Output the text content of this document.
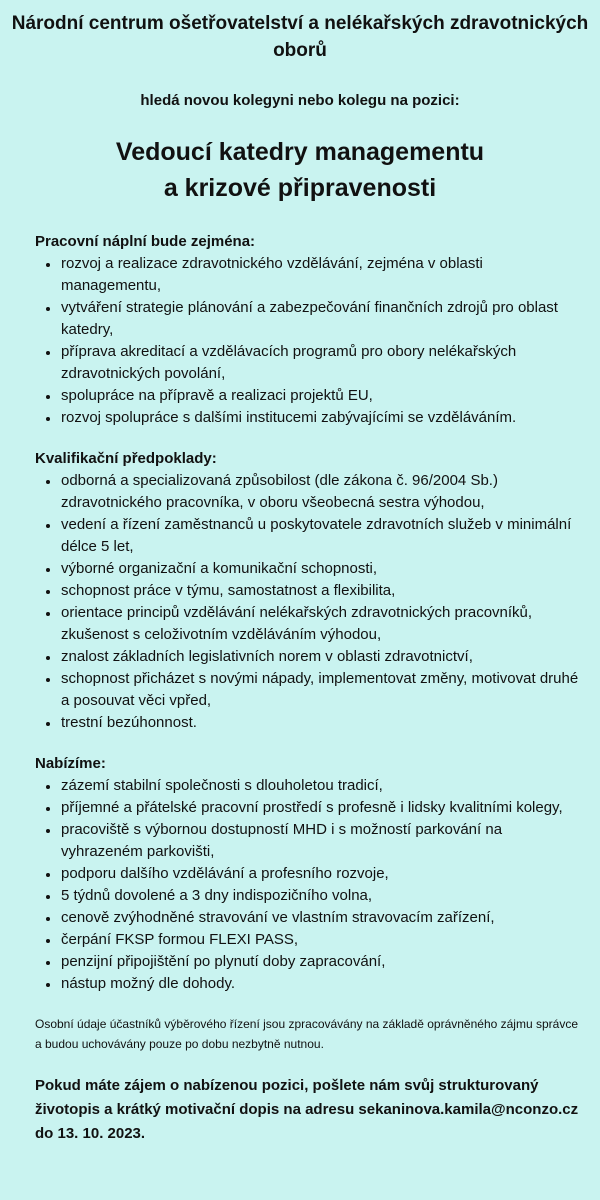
Národní centrum ošetřovatelství a nelékařských zdravotnických oborů
hledá novou kolegyni nebo kolegu na pozici:
Vedoucí katedry managementu
a krizové připravenosti

Pracovní náplní bude zejména:

rozvoj a realizace zdravotnického vzdělávání, zejména v oblasti managementu,
vytváření strategie plánování a zabezpečování finančních zdrojů pro oblast katedry,
příprava akreditací a vzdělávacích programů pro obory nelékařských zdravotnických povolání,
spolupráce na přípravě a realizaci projektů EU,
rozvoj spolupráce s dalšími institucemi zabývajícími se vzděláváním.

Kvalifikační předpoklady:

odborná a specializovaná způsobilost (dle zákona č. 96/2004 Sb.) zdravotnického pracovníka, v oboru všeobecná sestra výhodou,
vedení a řízení zaměstnanců u poskytovatele zdravotních služeb v minimální délce 5 let,
výborné organizační a komunikační schopnosti,
schopnost práce v týmu, samostatnost a flexibilita,
orientace principů vzdělávání nelékařských zdravotnických pracovníků, zkušenost s celoživotním vzděláváním výhodou,
znalost základních legislativních norem v oblasti zdravotnictví,
schopnost přicházet s novými nápady, implementovat změny, motivovat druhé a posouvat věci vpřed,
trestní bezúhonnost.

Nabízíme:

zázemí stabilní společnosti s dlouholetou tradicí,
příjemné a přátelské pracovní prostředí s profesně i lidsky kvalitními kolegy,
pracoviště s výbornou dostupností MHD i s možností parkování na vyhrazeném parkovišti,
podporu dalšího vzdělávání a profesního rozvoje,
5 týdnů dovolené a 3 dny indispozičního volna,
cenově zvýhodněné stravování ve vlastním stravovacím zařízení,
čerpání FKSP formou FLEXI PASS,
penzijní připojištění po plynutí doby zapracování,
nástup možný dle dohody.

Osobní údaje účastníků výběrového řízení jsou zpracovávány na základě oprávněného zájmu správce a budou uchovávány pouze po dobu nezbytně nutnou.

Pokud máte zájem o nabízenou pozici, pošlete nám svůj strukturovaný životopis a krátký motivační dopis na adresu sekaninova.kamila@nconzo.cz do 13. 10. 2023.
